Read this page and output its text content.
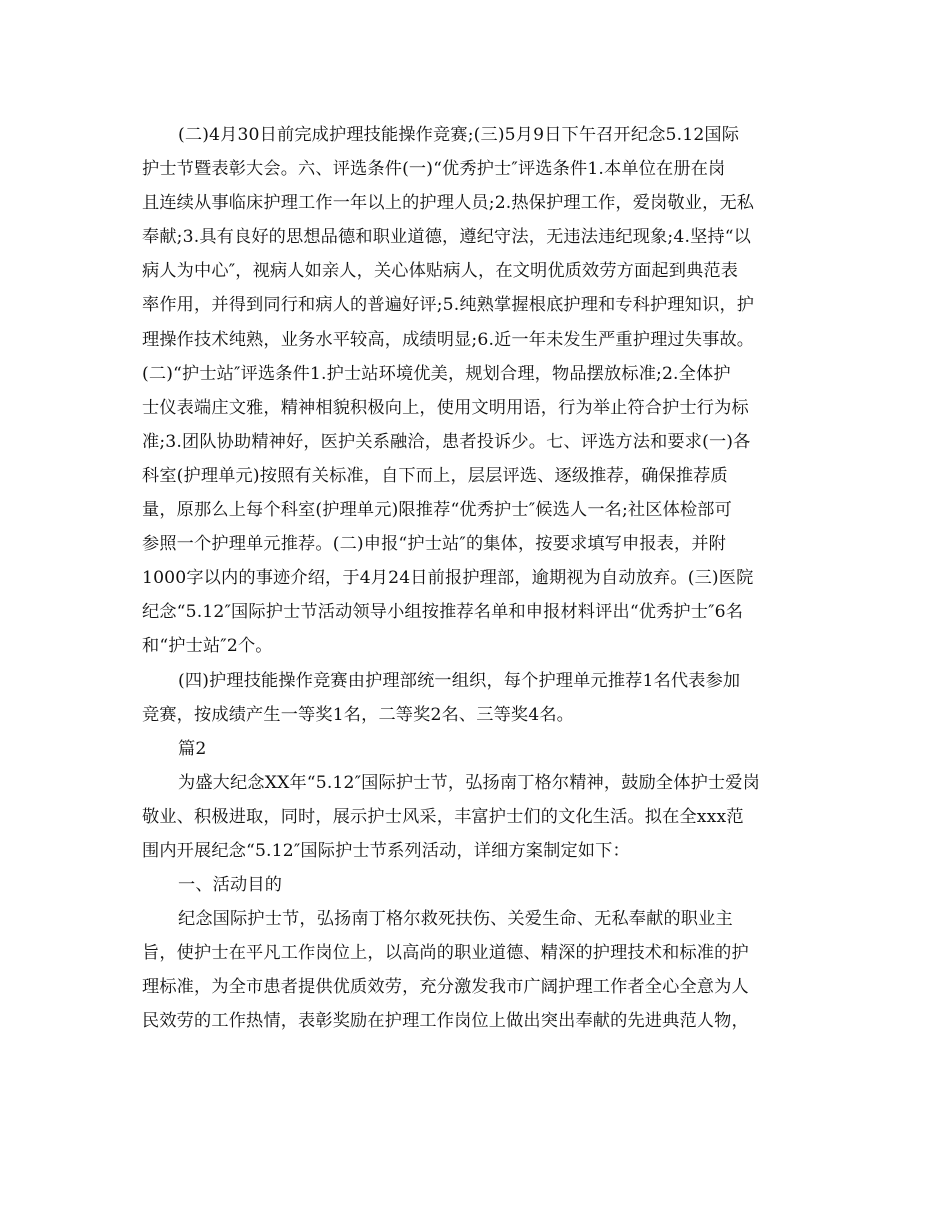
(二)4月30日前完成护理技能操作竞赛;(三)5月9日下午召开纪念5.12国际
护士节暨表彰大会。六、评选条件(一)“优秀护士″评选条件1.本单位在册在岗
且连续从事临床护理工作一年以上的护理人员;2.热保护理工作，爱岗敬业，无私
奉献;3.具有良好的思想品德和职业道德，遵纪守法，无违法违纪现象;4.坚持“以
病人为中心″，视病人如亲人，关心体贴病人，在文明优质效劳方面起到典范表
率作用，并得到同行和病人的普遍好评;5.纯熟掌握根底护理和专科护理知识，护
理操作技术纯熟，业务水平较高，成绩明显;6.近一年未发生严重护理过失事故。
(二)“护士站″评选条件1.护士站环境优美，规划合理，物品摆放标准;2.全体护
士仪表端庄文雅，精神相貌积极向上，使用文明用语，行为举止符合护士行为标
准;3.团队协助精神好，医护关系融洽，患者投诉少。七、评选方法和要求(一)各
科室(护理单元)按照有关标准，自下而上，层层评选、逐级推荐，确保推荐质
量，原那么上每个科室(护理单元)限推荐“优秀护士″候选人一名;社区体检部可
参照一个护理单元推荐。(二)申报“护士站″的集体，按要求填写申报表，并附
1000字以内的事迹介绍，于4月24日前报护理部，逾期视为自动放弃。(三)医院
纪念“5.12″国际护士节活动领导小组按推荐名单和申报材料评出“优秀护士″6名
和“护士站″2个。
(四)护理技能操作竞赛由护理部统一组织，每个护理单元推荐1名代表参加
竞赛，按成绩产生一等奖1名，二等奖2名、三等奖4名。
篇2
为盛大纪念XX年“5.12″国际护士节，弘扬南丁格尔精神，鼓励全体护士爱岗
敬业、积极进取，同时，展示护士风采，丰富护士们的文化生活。拟在全xxx范
围内开展纪念“5.12″国际护士节系列活动，详细方案制定如下：
一、活动目的
纪念国际护士节，弘扬南丁格尔救死扶伤、关爱生命、无私奉献的职业主
旨，使护士在平凡工作岗位上，以高尚的职业道德、精深的护理技术和标准的护
理标准，为全市患者提供优质效劳，充分激发我市广阔护理工作者全心全意为人
民效劳的工作热情，表彰奖励在护理工作岗位上做出突出奉献的先进典范人物，
